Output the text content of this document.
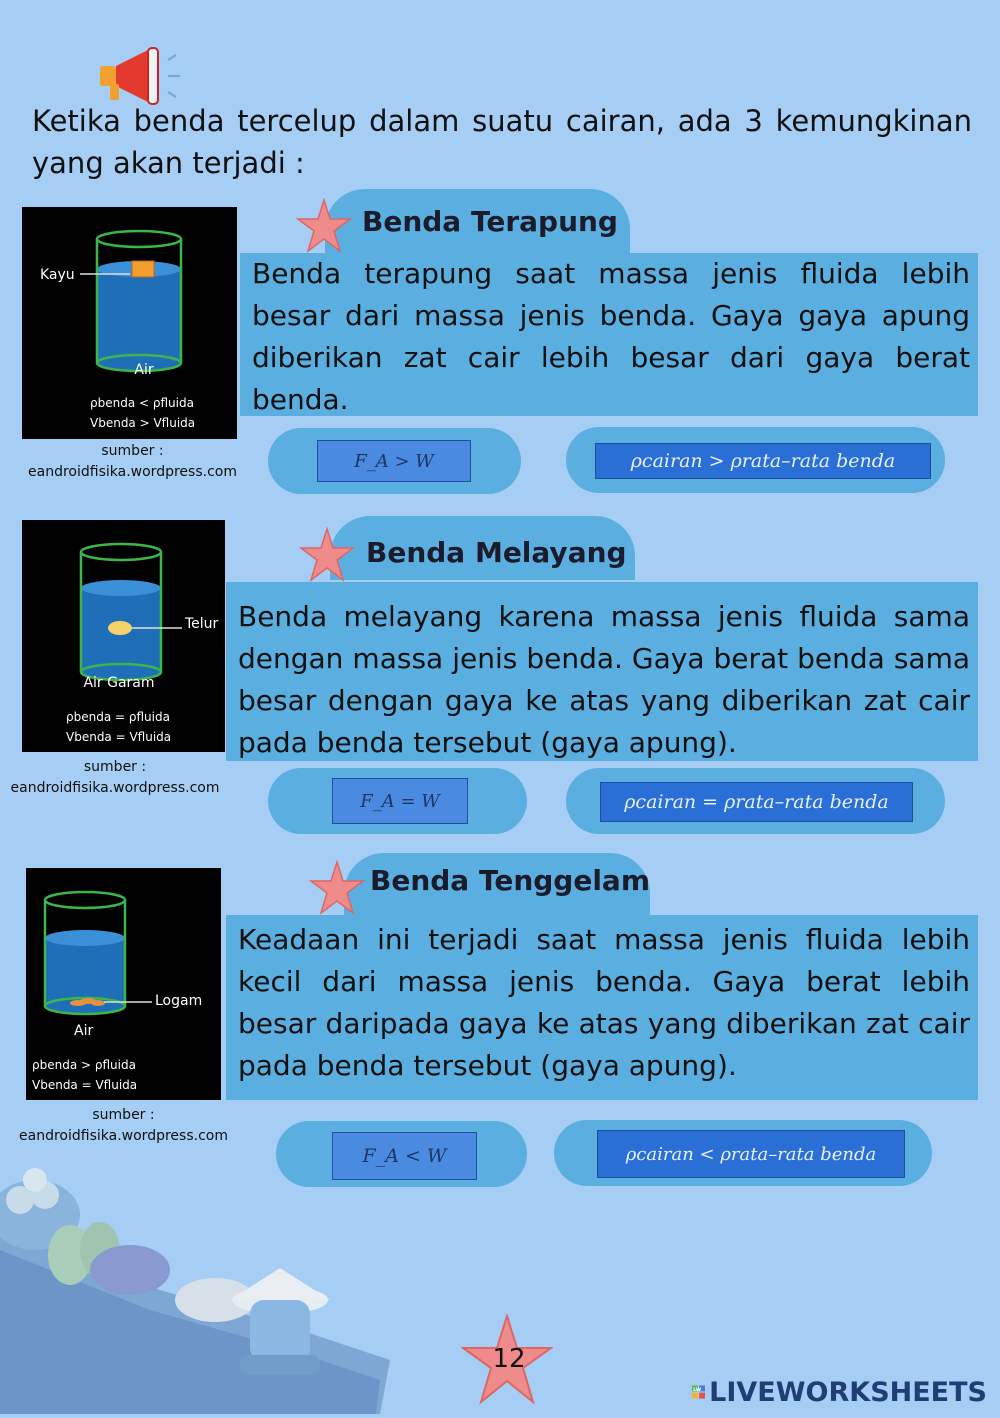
Ketika benda tercelup dalam suatu cairan, ada 3 kemungkinan yang akan terjadi :
Kayu
Air
ρbenda < ρfluida
Vbenda > Vfluida
sumber :
eandroidfisika.wordpress.com
Benda Terapung
Benda terapung saat massa jenis fluida lebih besar dari massa jenis benda. Gaya gaya apung diberikan zat cair lebih besar dari gaya berat benda.
F_A > W	ρcairan > ρrata–rata benda
Telur
Air Garam
ρbenda = ρfluida
Vbenda = Vfluida
sumber :
eandroidfisika.wordpress.com
Benda Melayang
Benda melayang karena massa jenis fluida sama dengan massa jenis benda. Gaya berat benda sama besar dengan gaya ke atas yang diberikan zat cair pada benda tersebut (gaya apung).
F_A = W	ρcairan = ρrata–rata benda
Logam
Air
ρbenda > ρfluida
Vbenda = Vfluida
sumber :
eandroidfisika.wordpress.com
Benda Tenggelam
Keadaan ini terjadi saat massa jenis fluida lebih kecil dari massa jenis benda. Gaya berat lebih besar daripada gaya ke atas yang diberikan zat cair pada benda tersebut (gaya apung).
F_A < W	ρcairan < ρrata–rata benda
12
LW LIVEWORKSHEETS
